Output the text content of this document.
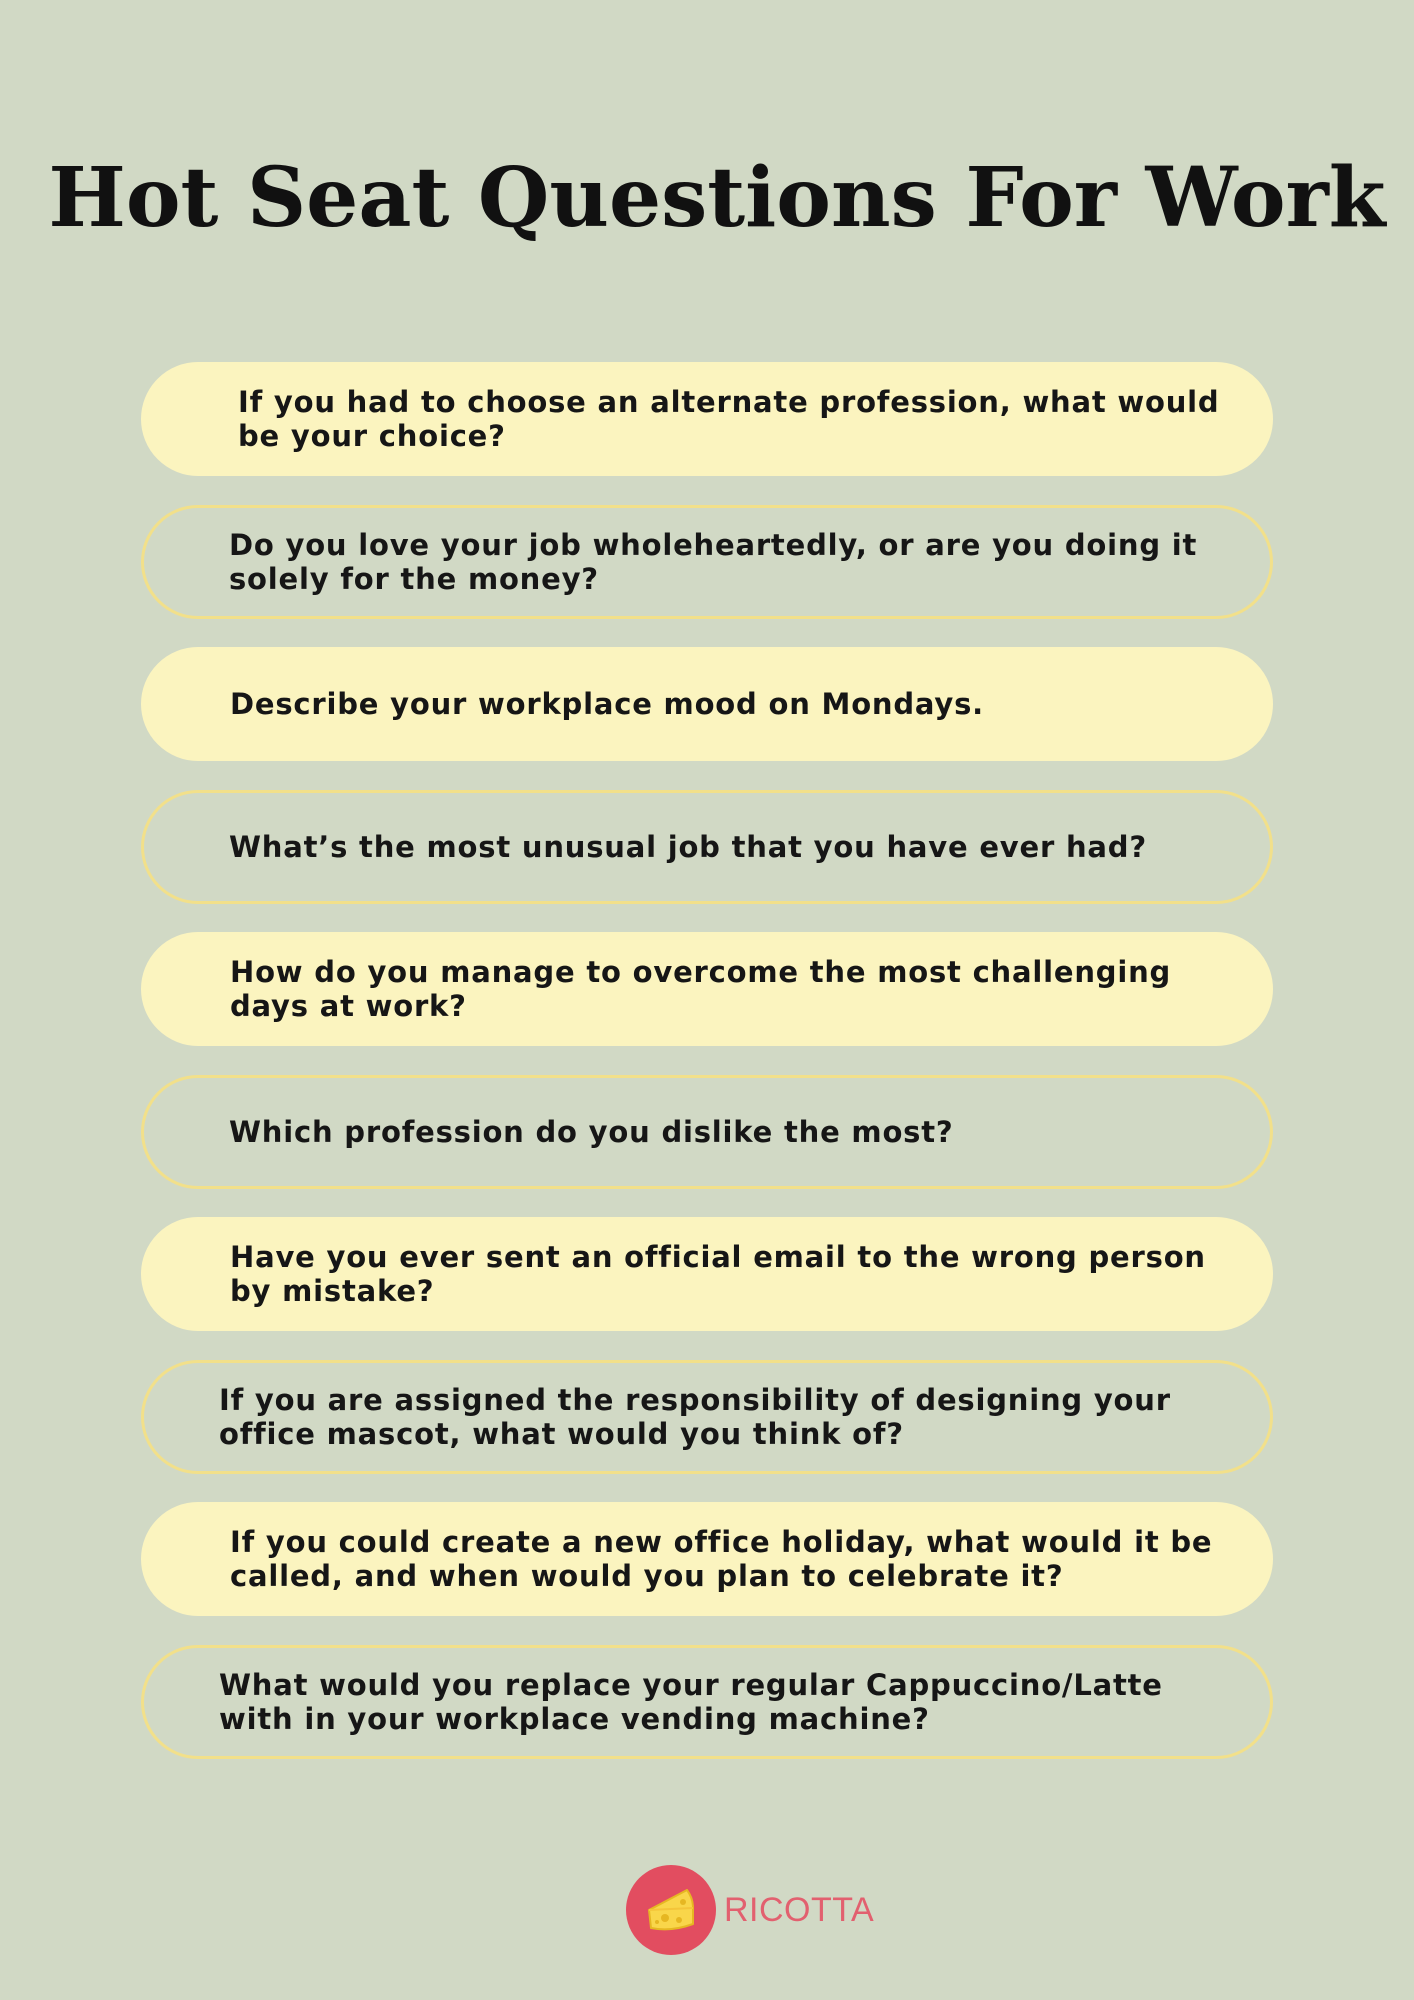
Hot Seat Questions For Work
If you had to choose an alternate profession, what would be your choice?
Do you love your job wholeheartedly, or are you doing it solely for the money?
Describe your workplace mood on Mondays.
What’s the most unusual job that you have ever had?
How do you manage to overcome the most challenging days at work?
Which profession do you dislike the most?
Have you ever sent an official email to the wrong person by mistake?
If you are assigned the responsibility of designing your office mascot, what would you think of?
If you could create a new office holiday, what would it be called, and when would you plan to celebrate it?
What would you replace your regular Cappuccino/Latte with in your workplace vending machine?
RICOTTA
